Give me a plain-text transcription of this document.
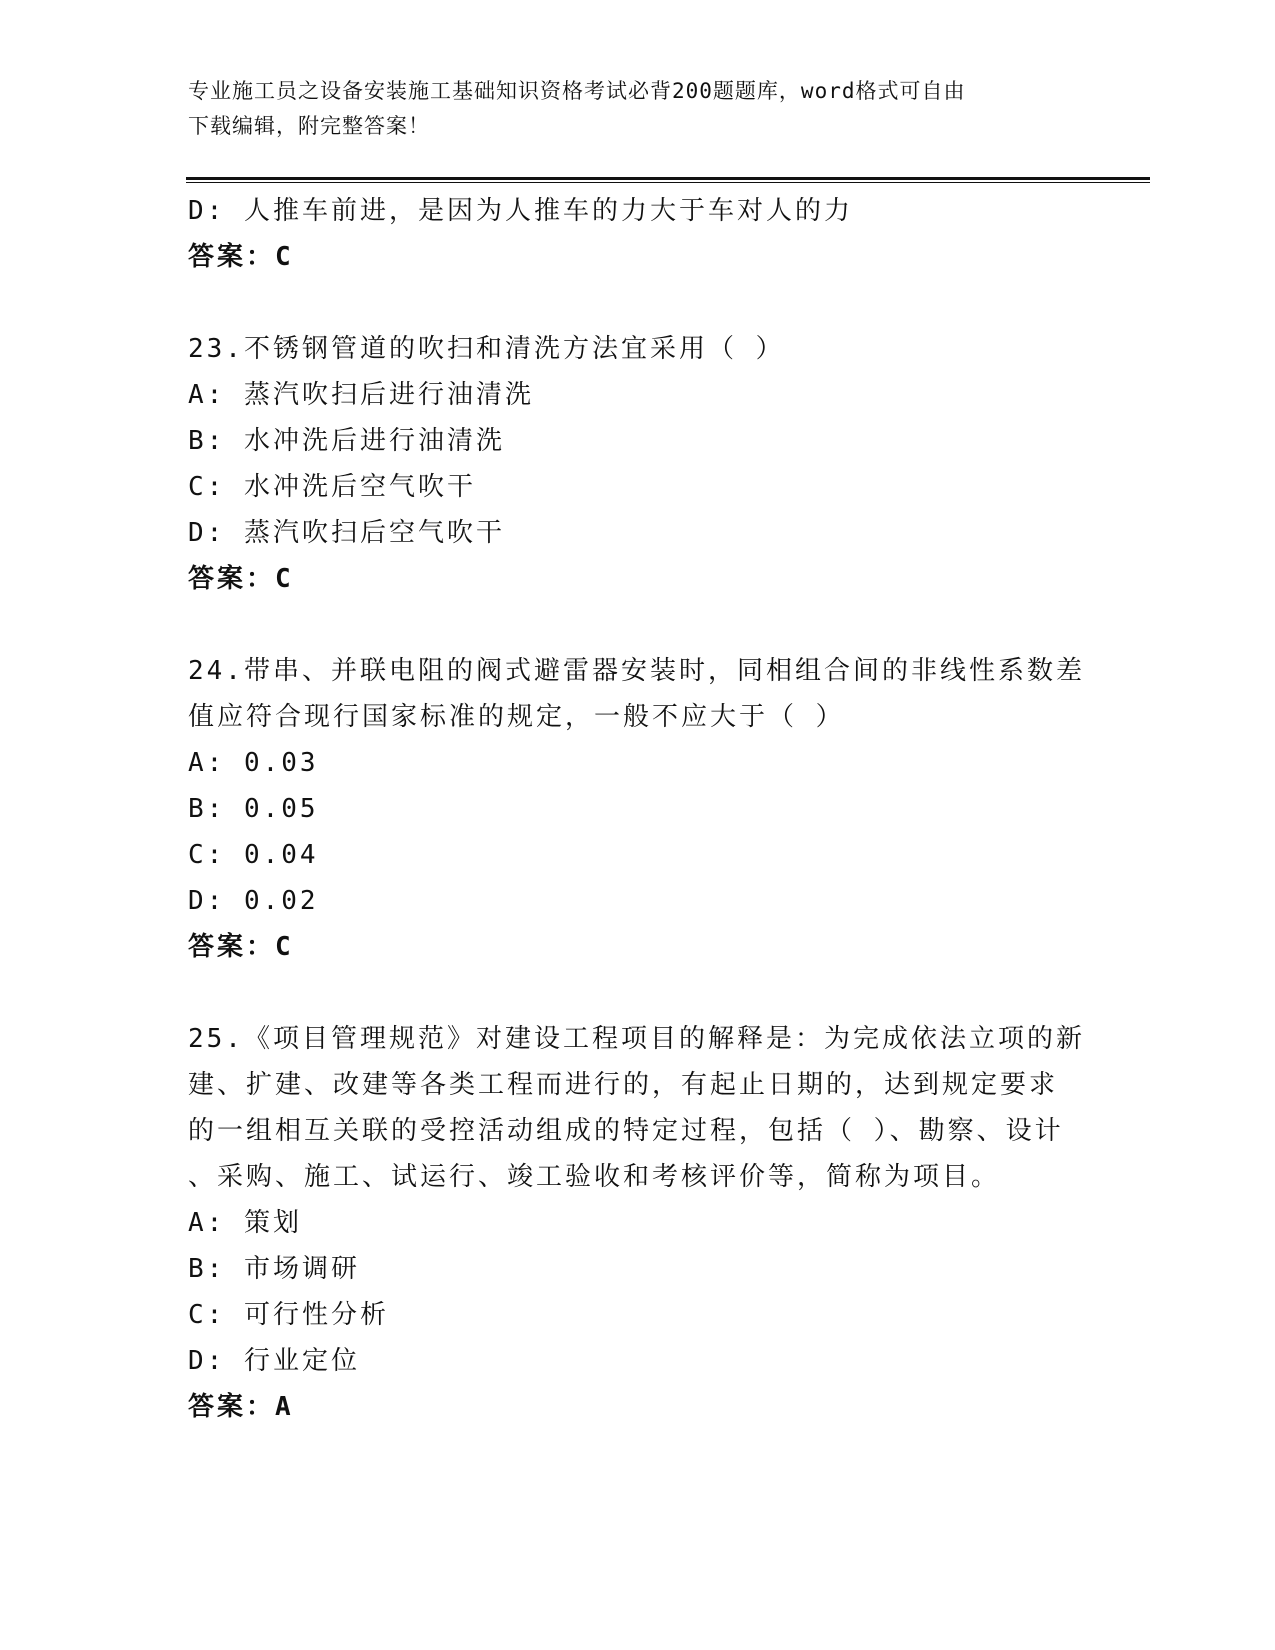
专业施工员之设备安装施工基础知识资格考试必背200题题库，word格式可自由
下载编辑，附完整答案！
D: 人推车前进，是因为人推车的力大于车对人的力
答案：C
23.不锈钢管道的吹扫和清洗方法宜采用（ ）
A: 蒸汽吹扫后进行油清洗
B: 水冲洗后进行油清洗
C: 水冲洗后空气吹干
D: 蒸汽吹扫后空气吹干
答案：C
24.带串、并联电阻的阀式避雷器安装时，同相组合间的非线性系数差
值应符合现行国家标准的规定，一般不应大于（ ）
A: 0.03
B: 0.05
C: 0.04
D: 0.02
答案：C
25.《项目管理规范》对建设工程项目的解释是：为完成依法立项的新
建、扩建、改建等各类工程而进行的，有起止日期的，达到规定要求
的一组相互关联的受控活动组成的特定过程，包括（ ）、勘察、设计
、采购、施工、试运行、竣工验收和考核评价等，简称为项目。
A: 策划
B: 市场调研
C: 可行性分析
D: 行业定位
答案：A
